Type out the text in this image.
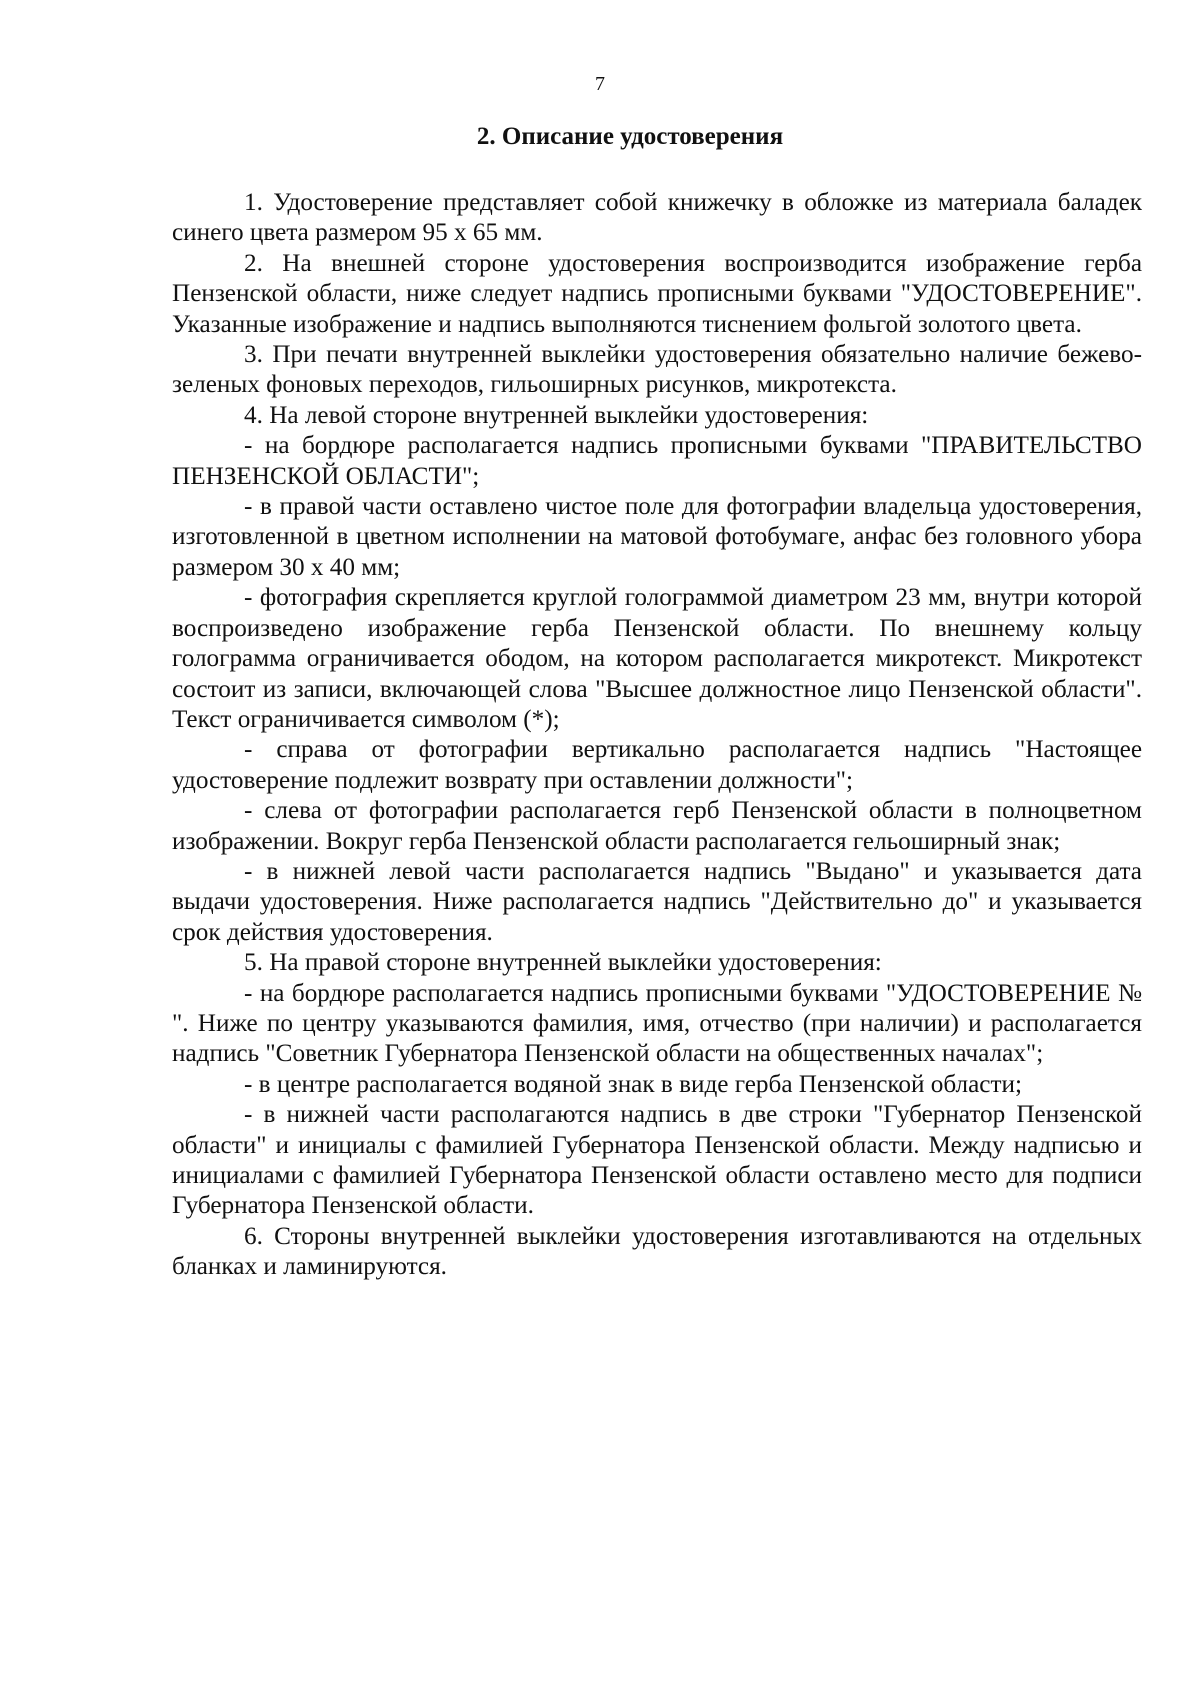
7
2. Описание удостоверения

1. Удостоверение представляет собой книжечку в обложке из материала баладек синего цвета размером 95 x 65 мм.

2. На внешней стороне удостоверения воспроизводится изображение герба Пензенской области, ниже следует надпись прописными буквами "УДОСТОВЕРЕНИЕ". Указанные изображение и надпись выполняются тиснением фольгой золотого цвета.

3. При печати внутренней выклейки удостоверения обязательно наличие бежево-зеленых фоновых переходов, гильоширных рисунков, микротекста.

4. На левой стороне внутренней выклейки удостоверения:

- на бордюре располагается надпись прописными буквами "ПРАВИТЕЛЬСТВО ПЕНЗЕНСКОЙ ОБЛАСТИ";

- в правой части оставлено чистое поле для фотографии владельца удостоверения, изготовленной в цветном исполнении на матовой фотобумаге, анфас без головного убора размером 30 x 40 мм;

- фотография скрепляется круглой голограммой диаметром 23 мм, внутри которой воспроизведено изображение герба Пензенской области. По внешнему кольцу голограмма ограничивается ободом, на котором располагается микротекст. Микротекст состоит из записи, включающей слова "Высшее должностное лицо Пензенской области". Текст ограничивается символом (*);

- справа от фотографии вертикально располагается надпись "Настоящее удостоверение подлежит возврату при оставлении должности";

- слева от фотографии располагается герб Пензенской области в полноцветном изображении. Вокруг герба Пензенской области располагается гельоширный знак;

- в нижней левой части располагается надпись "Выдано" и указывается дата выдачи удостоверения. Ниже располагается надпись "Действительно до" и указывается срок действия удостоверения.

5. На правой стороне внутренней выклейки удостоверения:

- на бордюре располагается надпись прописными буквами "УДОСТОВЕРЕНИЕ № ". Ниже по центру указываются фамилия, имя, отчество (при наличии) и располагается надпись "Советник Губернатора Пензенской области на общественных началах";

- в центре располагается водяной знак в виде герба Пензенской области;

- в нижней части располагаются надпись в две строки "Губернатор Пензенской области" и инициалы с фамилией Губернатора Пензенской области. Между надписью и инициалами с фамилией Губернатора Пензенской области оставлено место для подписи Губернатора Пензенской области.

6. Стороны внутренней выклейки удостоверения изготавливаются на отдельных бланках и ламинируются.
